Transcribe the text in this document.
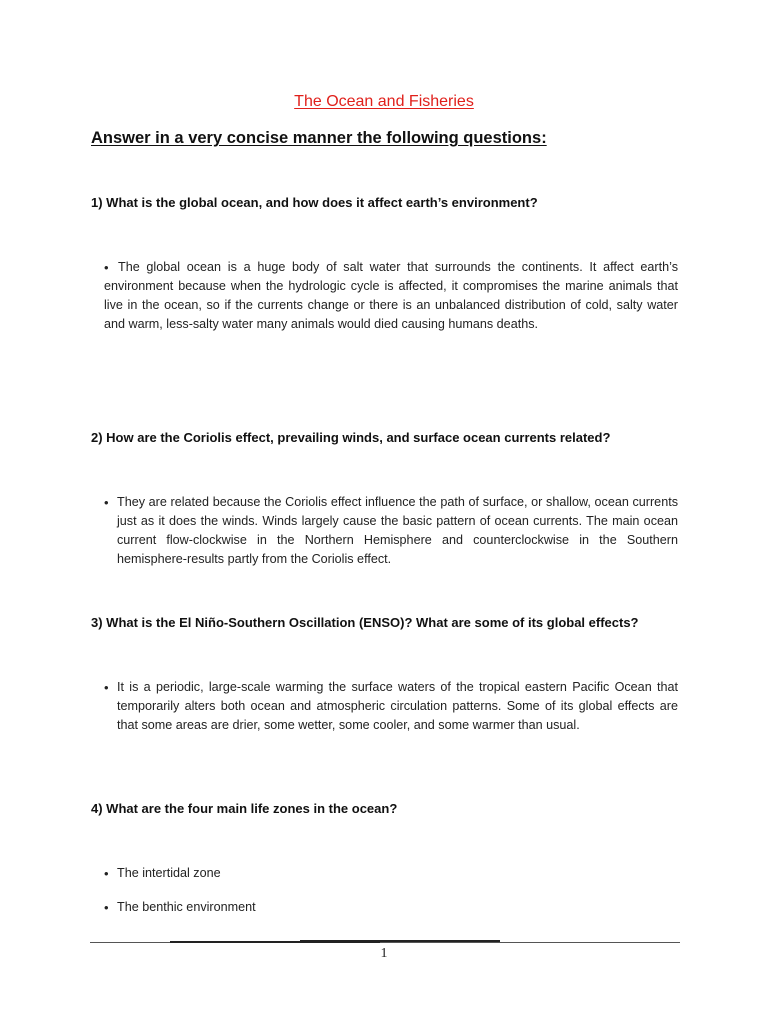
The Ocean and Fisheries
Answer in a very concise manner the following questions:
1) What is the global ocean, and how does it affect earth’s environment?
• The global ocean is a huge body of salt water that surrounds the continents. It affect earth’s environment because when the hydrologic cycle is affected, it compromises the marine animals that live in the ocean, so if the currents change or there is an unbalanced distribution of cold, salty water and warm, less-salty water many animals would died causing humans deaths.
2) How are the Coriolis effect, prevailing winds, and surface ocean currents related?
• They are related because the Coriolis effect influence the path of surface, or shallow, ocean currents just as it does the winds. Winds largely cause the basic pattern of ocean currents. The main ocean current flow-clockwise in the Northern Hemisphere and counterclockwise in the Southern hemisphere-results partly from the Coriolis effect.
3) What is the El Niño-Southern Oscillation (ENSO)? What are some of its global effects?
• It is a periodic, large-scale warming the surface waters of the tropical eastern Pacific Ocean that temporarily alters both ocean and atmospheric circulation patterns. Some of its global effects are that some areas are drier, some wetter, some cooler, and some warmer than usual.
4) What are the four main life zones in the ocean?
• The intertidal zone
• The benthic environment
1
